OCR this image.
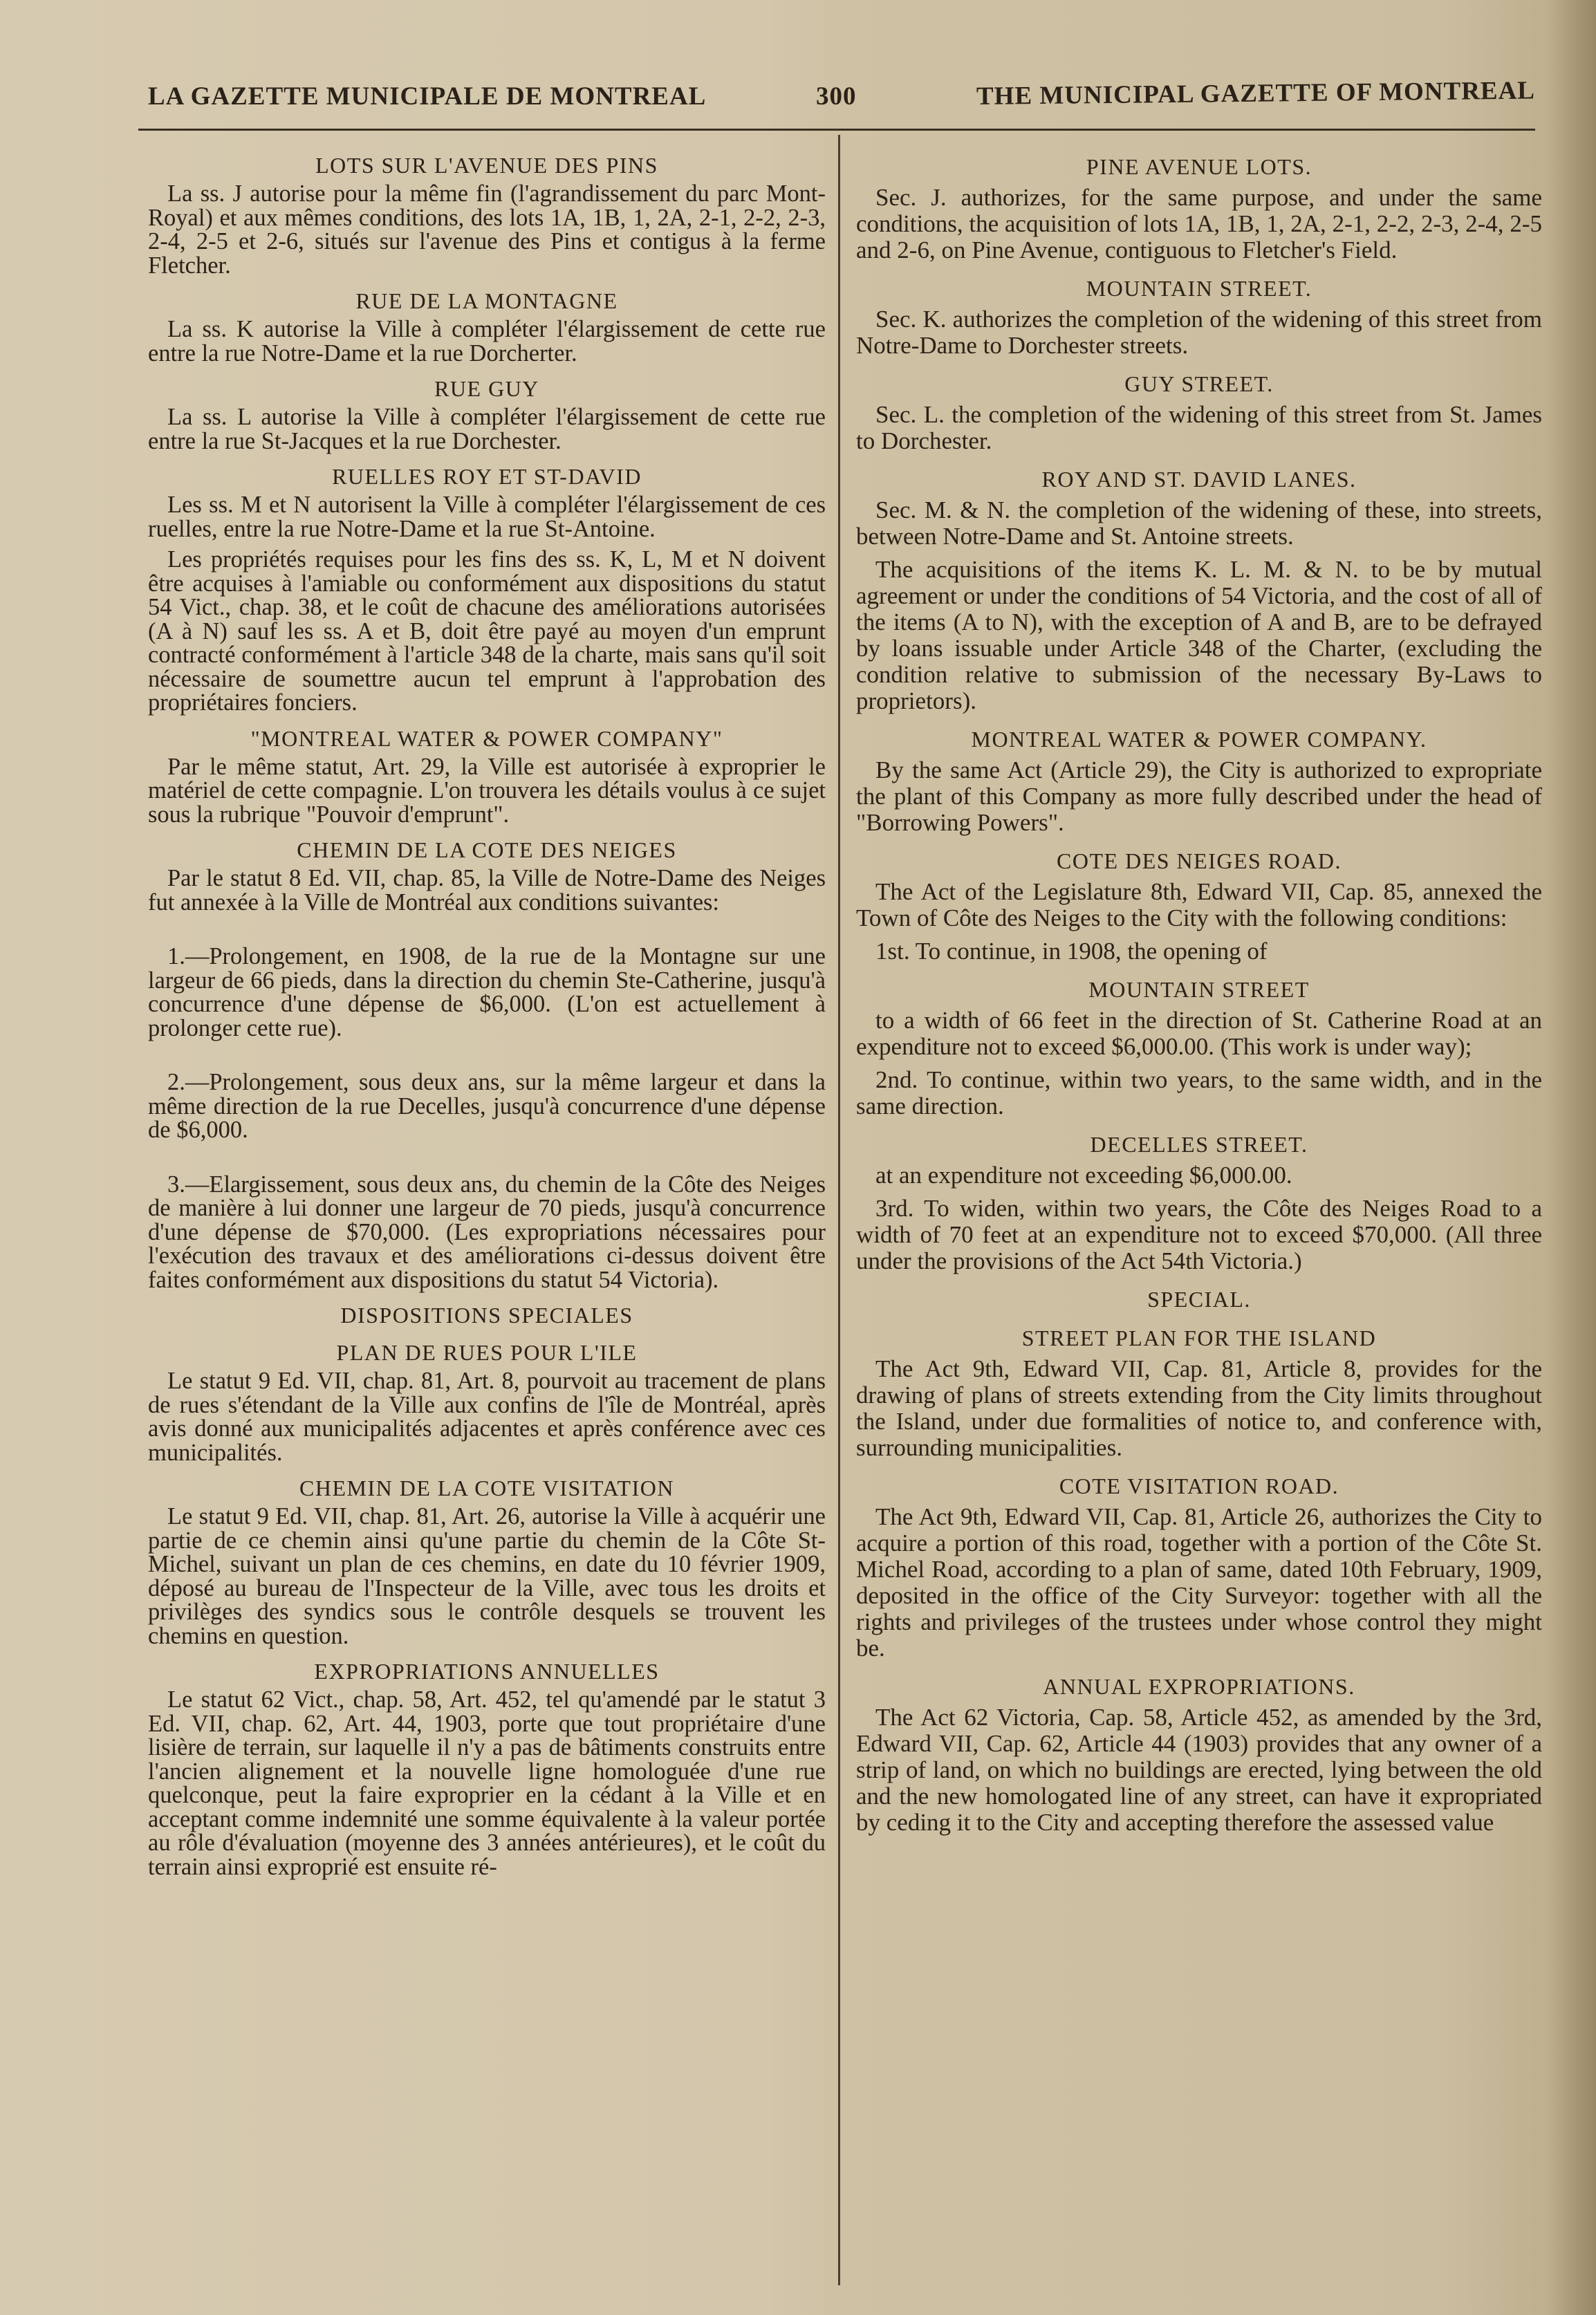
LA GAZETTE MUNICIPALE DE MONTREAL	300	THE MUNICIPAL GAZETTE OF MONTREAL
LOTS SUR L'AVENUE DES PINS

La ss. J autorise pour la même fin (l'agrandissement du parc Mont-Royal) et aux mêmes conditions, des lots 1A, 1B, 1, 2A, 2-1, 2-2, 2-3, 2-4, 2-5 et 2-6, situés sur l'avenue des Pins et contigus à la ferme Fletcher.

RUE DE LA MONTAGNE

La ss. K autorise la Ville à compléter l'élargissement de cette rue entre la rue Notre-Dame et la rue Dorcherter.

RUE GUY

La ss. L autorise la Ville à compléter l'élargissement de cette rue entre la rue St-Jacques et la rue Dorchester.

RUELLES ROY ET ST-DAVID

Les ss. M et N autorisent la Ville à compléter l'élargissement de ces ruelles, entre la rue Notre-Dame et la rue St-Antoine.

Les propriétés requises pour les fins des ss. K, L, M et N doivent être acquises à l'amiable ou conformément aux dispositions du statut 54 Vict., chap. 38, et le coût de chacune des améliorations autorisées (A à N) sauf les ss. A et B, doit être payé au moyen d'un emprunt contracté conformément à l'article 348 de la charte, mais sans qu'il soit nécessaire de soumettre aucun tel emprunt à l'approbation des propriétaires fonciers.

"MONTREAL WATER & POWER COMPANY"

Par le même statut, Art. 29, la Ville est autorisée à exproprier le matériel de cette compagnie. L'on trouvera les détails voulus à ce sujet sous la rubrique "Pouvoir d'emprunt".

CHEMIN DE LA COTE DES NEIGES

Par le statut 8 Ed. VII, chap. 85, la Ville de Notre-Dame des Neiges fut annexée à la Ville de Montréal aux conditions suivantes:

1.—Prolongement, en 1908, de la rue de la Montagne sur une largeur de 66 pieds, dans la direction du chemin Ste-Catherine, jusqu'à concurrence d'une dépense de $6,000. (L'on est actuellement à prolonger cette rue).

2.—Prolongement, sous deux ans, sur la même largeur et dans la même direction de la rue Decelles, jusqu'à concurrence d'une dépense de $6,000.

3.—Elargissement, sous deux ans, du chemin de la Côte des Neiges de manière à lui donner une largeur de 70 pieds, jusqu'à concurrence d'une dépense de $70,000. (Les expropriations nécessaires pour l'exécution des travaux et des améliorations ci-dessus doivent être faites conformément aux dispositions du statut 54 Victoria).

DISPOSITIONS SPECIALES
PLAN DE RUES POUR L'ILE

Le statut 9 Ed. VII, chap. 81, Art. 8, pourvoit au tracement de plans de rues s'étendant de la Ville aux confins de l'île de Montréal, après avis donné aux municipalités adjacentes et après conférence avec ces municipalités.

CHEMIN DE LA COTE VISITATION

Le statut 9 Ed. VII, chap. 81, Art. 26, autorise la Ville à acquérir une partie de ce chemin ainsi qu'une partie du chemin de la Côte St-Michel, suivant un plan de ces chemins, en date du 10 février 1909, déposé au bureau de l'Inspecteur de la Ville, avec tous les droits et privilèges des syndics sous le contrôle desquels se trouvent les chemins en question.

EXPROPRIATIONS ANNUELLES

Le statut 62 Vict., chap. 58, Art. 452, tel qu'amendé par le statut 3 Ed. VII, chap. 62, Art. 44, 1903, porte que tout propriétaire d'une lisière de terrain, sur laquelle il n'y a pas de bâtiments construits entre l'ancien alignement et la nouvelle ligne homologuée d'une rue quelconque, peut la faire exproprier en la cédant à la Ville et en acceptant comme indemnité une somme équivalente à la valeur portée au rôle d'évaluation (moyenne des 3 années antérieures), et le coût du terrain ainsi exproprié est ensuite ré-

PINE AVENUE LOTS.

Sec. J. authorizes, for the same purpose, and under the same conditions, the acquisition of lots 1A, 1B, 1, 2A, 2-1, 2-2, 2-3, 2-4, 2-5 and 2-6, on Pine Avenue, contiguous to Fletcher's Field.

MOUNTAIN STREET.

Sec. K. authorizes the completion of the widening of this street from Notre-Dame to Dorchester streets.

GUY STREET.

Sec. L. the completion of the widening of this street from St. James to Dorchester.

ROY AND ST. DAVID LANES.

Sec. M. & N. the completion of the widening of these, into streets, between Notre-Dame and St. Antoine streets.

The acquisitions of the items K. L. M. & N. to be by mutual agreement or under the conditions of 54 Victoria, and the cost of all of the items (A to N), with the exception of A and B, are to be defrayed by loans issuable under Article 348 of the Charter, (excluding the condition relative to submission of the necessary By-Laws to proprietors).

MONTREAL WATER & POWER COMPANY.

By the same Act (Article 29), the City is authorized to expropriate the plant of this Company as more fully described under the head of "Borrowing Powers".

COTE DES NEIGES ROAD.

The Act of the Legislature 8th, Edward VII, Cap. 85, annexed the Town of Côte des Neiges to the City with the following conditions:

1st. To continue, in 1908, the opening of

MOUNTAIN STREET

to a width of 66 feet in the direction of St. Catherine Road at an expenditure not to exceed $6,000.00. (This work is under way);

2nd. To continue, within two years, to the same width, and in the same direction.

DECELLES STREET.

at an expenditure not exceeding $6,000.00.

3rd. To widen, within two years, the Côte des Neiges Road to a width of 70 feet at an expenditure not to exceed $70,000. (All three under the provisions of the Act 54th Victoria.)

SPECIAL.
STREET PLAN FOR THE ISLAND

The Act 9th, Edward VII, Cap. 81, Article 8, provides for the drawing of plans of streets extending from the City limits throughout the Island, under due formalities of notice to, and conference with, surrounding municipalities.

COTE VISITATION ROAD.

The Act 9th, Edward VII, Cap. 81, Article 26, authorizes the City to acquire a portion of this road, together with a portion of the Côte St. Michel Road, according to a plan of same, dated 10th February, 1909, deposited in the office of the City Surveyor: together with all the rights and privileges of the trustees under whose control they might be.

ANNUAL EXPROPRIATIONS.

The Act 62 Victoria, Cap. 58, Article 452, as amended by the 3rd, Edward VII, Cap. 62, Article 44 (1903) provides that any owner of a strip of land, on which no buildings are erected, lying between the old and the new homologated line of any street, can have it expropriated by ceding it to the City and accepting therefore the assessed value
